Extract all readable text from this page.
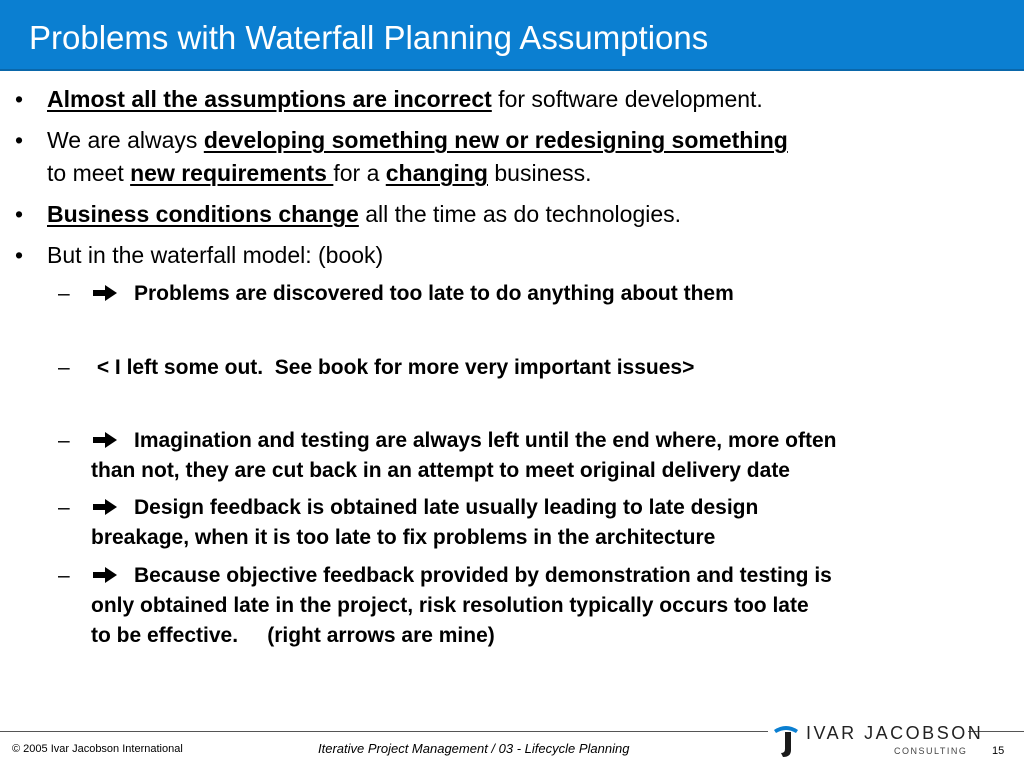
Problems with Waterfall Planning Assumptions
• Almost all the assumptions are incorrect for software development.
• We are always developing something new or redesigning something
to meet new requirements for a changing business.
• Business conditions change all the time as do technologies.
• But in the waterfall model: (book)
–	Problems are discovered too late to do anything about them
– < I left some out.  See book for more very important issues>
–	Imagination and testing are always left until the end where, more often
than not, they are cut back in an attempt to meet original delivery date
–	Design feedback is obtained late usually leading to late design
breakage, when it is too late to fix problems in the architecture
–	Because objective feedback provided by demonstration and testing is
only obtained late in the project, risk resolution typically occurs too late
to be effective.     (right arrows are mine)
© 2005 Ivar Jacobson International	Iterative Project Management / 03 - Lifecycle Planning	15
IVAR JACOBSON
CONSULTING
